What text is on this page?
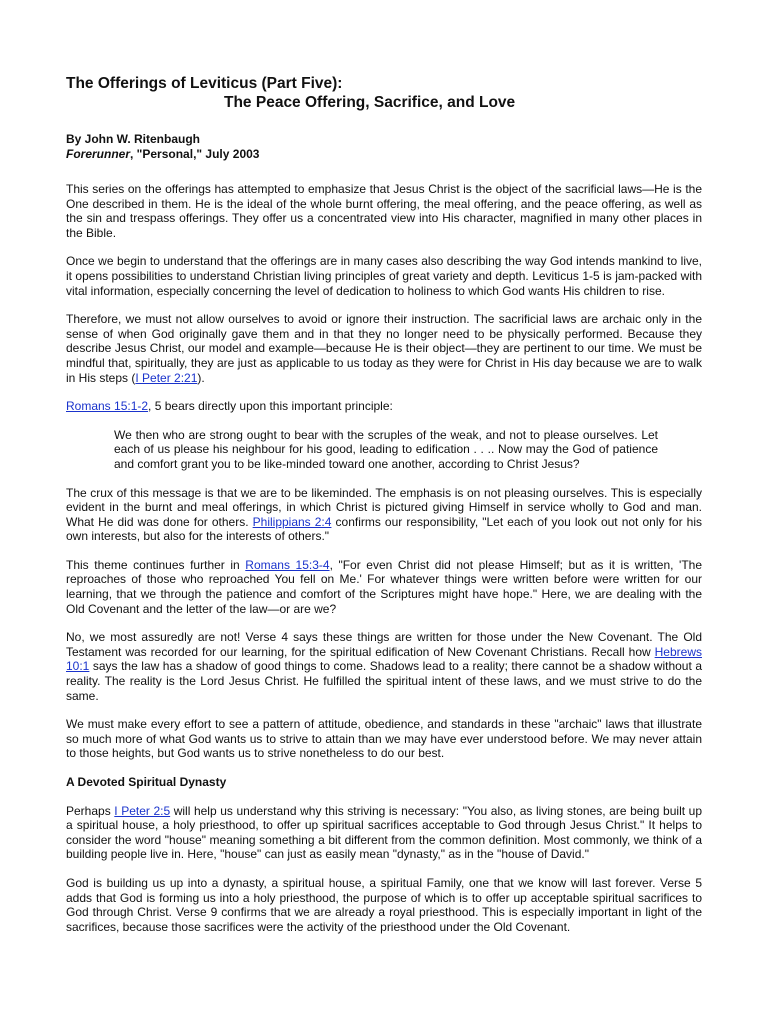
The Offerings of Leviticus (Part Five):
The Peace Offering, Sacrifice, and Love
By John W. Ritenbaugh
Forerunner, "Personal," July 2003

This series on the offerings has attempted to emphasize that Jesus Christ is the object of the sacrificial laws—He is the One described in them. He is the ideal of the whole burnt offering, the meal offering, and the peace offering, as well as the sin and trespass offerings. They offer us a concentrated view into His character, magnified in many other places in the Bible.

Once we begin to understand that the offerings are in many cases also describing the way God intends mankind to live, it opens possibilities to understand Christian living principles of great variety and depth. Leviticus 1-5 is jam-packed with vital information, especially concerning the level of dedication to holiness to which God wants His children to rise.

Therefore, we must not allow ourselves to avoid or ignore their instruction. The sacrificial laws are archaic only in the sense of when God originally gave them and in that they no longer need to be physically performed. Because they describe Jesus Christ, our model and example—because He is their object—they are pertinent to our time. We must be mindful that, spiritually, they are just as applicable to us today as they were for Christ in His day because we are to walk in His steps (I Peter 2:21).

Romans 15:1-2, 5 bears directly upon this important principle:

We then who are strong ought to bear with the scruples of the weak, and not to please ourselves. Let each of us please his neighbour for his good, leading to edification . . .. Now may the God of patience and comfort grant you to be like-minded toward one another, according to Christ Jesus?

The crux of this message is that we are to be likeminded. The emphasis is on not pleasing ourselves. This is especially evident in the burnt and meal offerings, in which Christ is pictured giving Himself in service wholly to God and man. What He did was done for others. Philippians 2:4 confirms our responsibility, "Let each of you look out not only for his own interests, but also for the interests of others."

This theme continues further in Romans 15:3-4, "For even Christ did not please Himself; but as it is written, 'The reproaches of those who reproached You fell on Me.' For whatever things were written before were written for our learning, that we through the patience and comfort of the Scriptures might have hope." Here, we are dealing with the Old Covenant and the letter of the law—or are we?

No, we most assuredly are not! Verse 4 says these things are written for those under the New Covenant. The Old Testament was recorded for our learning, for the spiritual edification of New Covenant Christians. Recall how Hebrews 10:1 says the law has a shadow of good things to come. Shadows lead to a reality; there cannot be a shadow without a reality. The reality is the Lord Jesus Christ. He fulfilled the spiritual intent of these laws, and we must strive to do the same.

We must make every effort to see a pattern of attitude, obedience, and standards in these "archaic" laws that illustrate so much more of what God wants us to strive to attain than we may have ever understood before. We may never attain to those heights, but God wants us to strive nonetheless to do our best.

A Devoted Spiritual Dynasty

Perhaps I Peter 2:5 will help us understand why this striving is necessary: "You also, as living stones, are being built up a spiritual house, a holy priesthood, to offer up spiritual sacrifices acceptable to God through Jesus Christ." It helps to consider the word "house" meaning something a bit different from the common definition. Most commonly, we think of a building people live in. Here, "house" can just as easily mean "dynasty," as in the "house of David."

God is building us up into a dynasty, a spiritual house, a spiritual Family, one that we know will last forever. Verse 5 adds that God is forming us into a holy priesthood, the purpose of which is to offer up acceptable spiritual sacrifices to God through Christ. Verse 9 confirms that we are already a royal priesthood. This is especially important in light of the sacrifices, because those sacrifices were the activity of the priesthood under the Old Covenant.
